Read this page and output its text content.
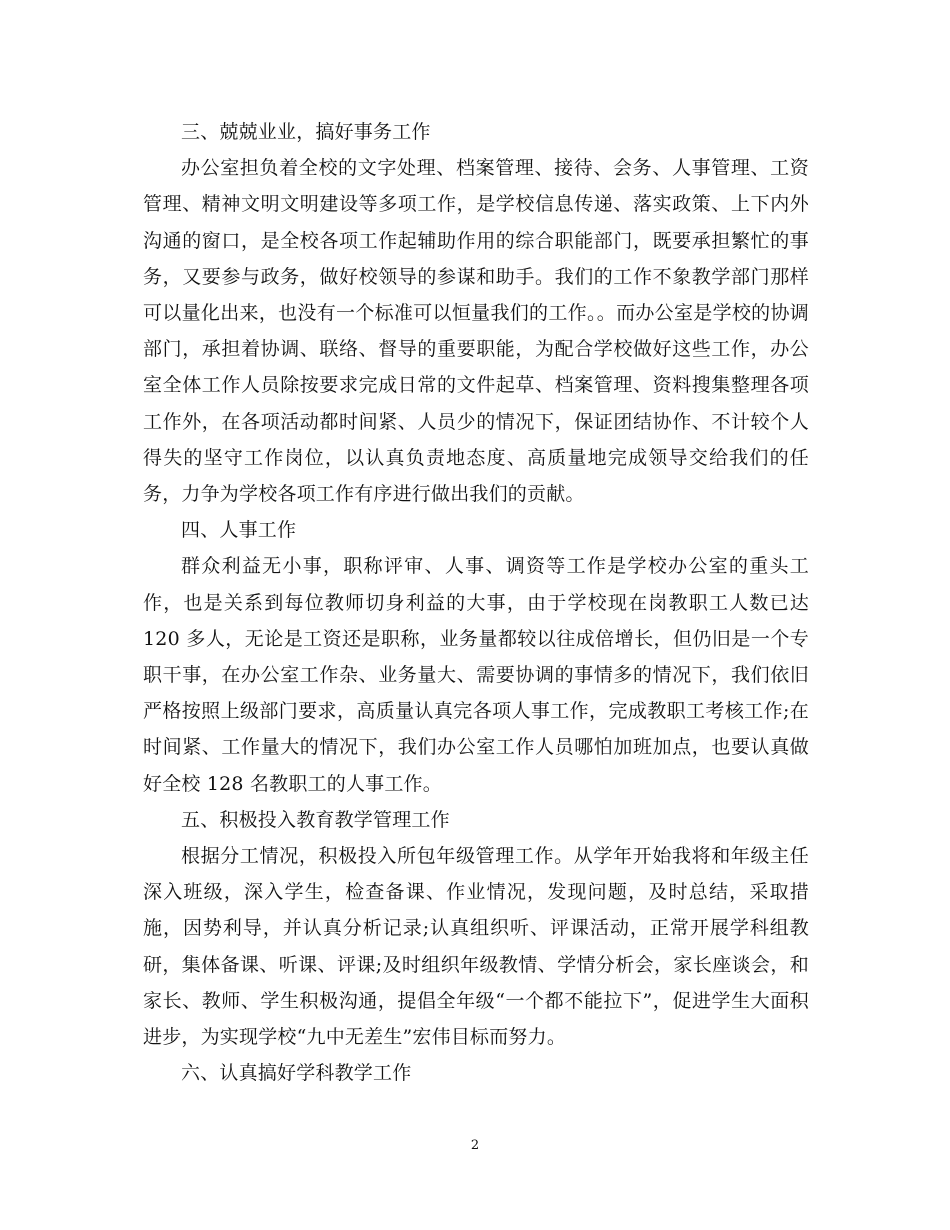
三、兢兢业业，搞好事务工作

办公室担负着全校的文字处理、档案管理、接待、会务、人事管理、工资管理、精神文明文明建设等多项工作，是学校信息传递、落实政策、上下内外沟通的窗口，是全校各项工作起辅助作用的综合职能部门，既要承担繁忙的事务，又要参与政务，做好校领导的参谋和助手。我们的工作不象教学部门那样可以量化出来，也没有一个标准可以恒量我们的工作。。而办公室是学校的协调部门，承担着协调、联络、督导的重要职能，为配合学校做好这些工作，办公室全体工作人员除按要求完成日常的文件起草、档案管理、资料搜集整理各项工作外，在各项活动都时间紧、人员少的情况下，保证团结协作、不计较个人得失的坚守工作岗位，以认真负责地态度、高质量地完成领导交给我们的任务，力争为学校各项工作有序进行做出我们的贡献。

四、人事工作

群众利益无小事，职称评审、人事、调资等工作是学校办公室的重头工作，也是关系到每位教师切身利益的大事，由于学校现在岗教职工人数已达 120 多人，无论是工资还是职称，业务量都较以往成倍增长，但仍旧是一个专职干事，在办公室工作杂、业务量大、需要协调的事情多的情况下，我们依旧严格按照上级部门要求，高质量认真完各项人事工作，完成教职工考核工作;在时间紧、工作量大的情况下，我们办公室工作人员哪怕加班加点，也要认真做好全校 128 名教职工的人事工作。

五、积极投入教育教学管理工作

根据分工情况，积极投入所包年级管理工作。从学年开始我将和年级主任深入班级，深入学生，检查备课、作业情况，发现问题，及时总结，采取措施，因势利导，并认真分析记录;认真组织听、评课活动，正常开展学科组教研，集体备课、听课、评课;及时组织年级教情、学情分析会，家长座谈会，和家长、教师、学生积极沟通，提倡全年级“一个都不能拉下”，促进学生大面积进步，为实现学校“九中无差生”宏伟目标而努力。

六、认真搞好学科教学工作

2
